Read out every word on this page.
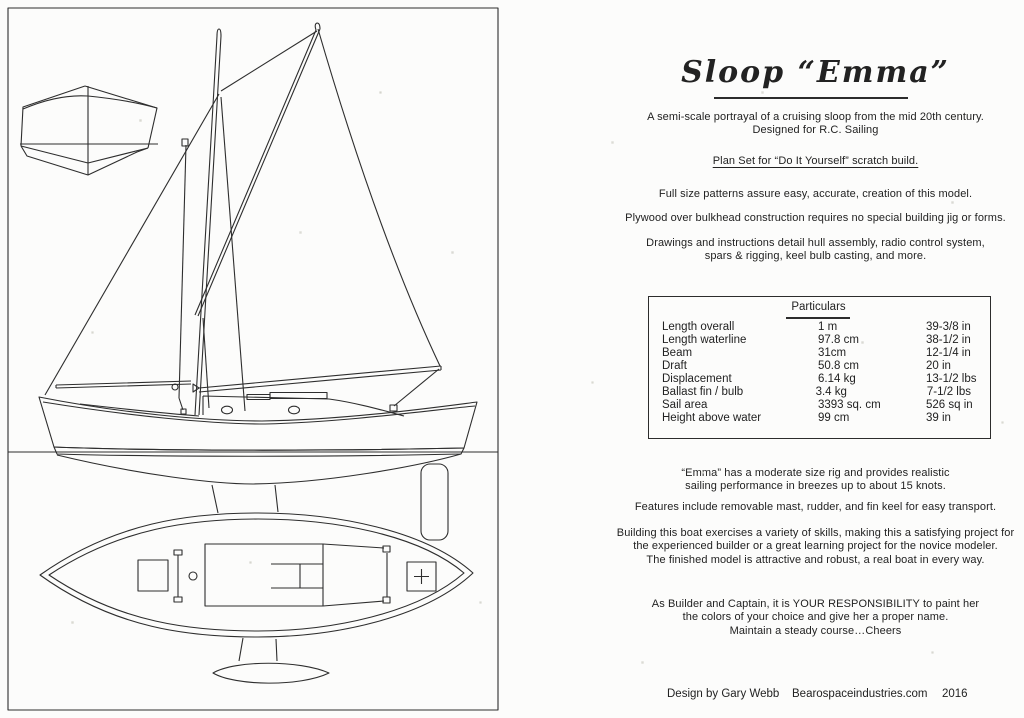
Sloop “Emma”
A semi-scale portrayal of a cruising sloop from the mid 20th century.
Designed for R.C. Sailing
Plan Set for “Do It Yourself” scratch build.
Full size patterns assure easy, accurate, creation of this model.
Plywood over bulkhead construction requires no special building jig or forms.
Drawings and instructions detail hull assembly, radio control system,
spars & rigging, keel bulb casting, and more.
Particulars
Length overall	1 m	39-3/8 in
Length waterline	97.8 cm	38-1/2 in
Beam	31cm	12-1/4 in
Draft	50.8 cm	20 in
Displacement	6.14 kg	13-1/2 lbs
Ballast fin / bulb	3.4 kg	7-1/2 lbs
Sail area	3393 sq. cm	526 sq in
Height above water	99 cm	39 in
“Emma” has a moderate size rig and provides realistic
sailing performance in breezes up to about 15 knots.
Features include removable mast, rudder, and fin keel for easy transport.
Building this boat exercises a variety of skills, making this a satisfying project for
the experienced builder or a great learning project for the novice modeler.
The finished model is attractive and robust, a real boat in every way.
As Builder and Captain, it is YOUR RESPONSIBILITY to paint her
the colors of your choice and give her a proper name.
Maintain a steady course…Cheers
Design by Gary Webb Bearospaceindustries.com 2016
